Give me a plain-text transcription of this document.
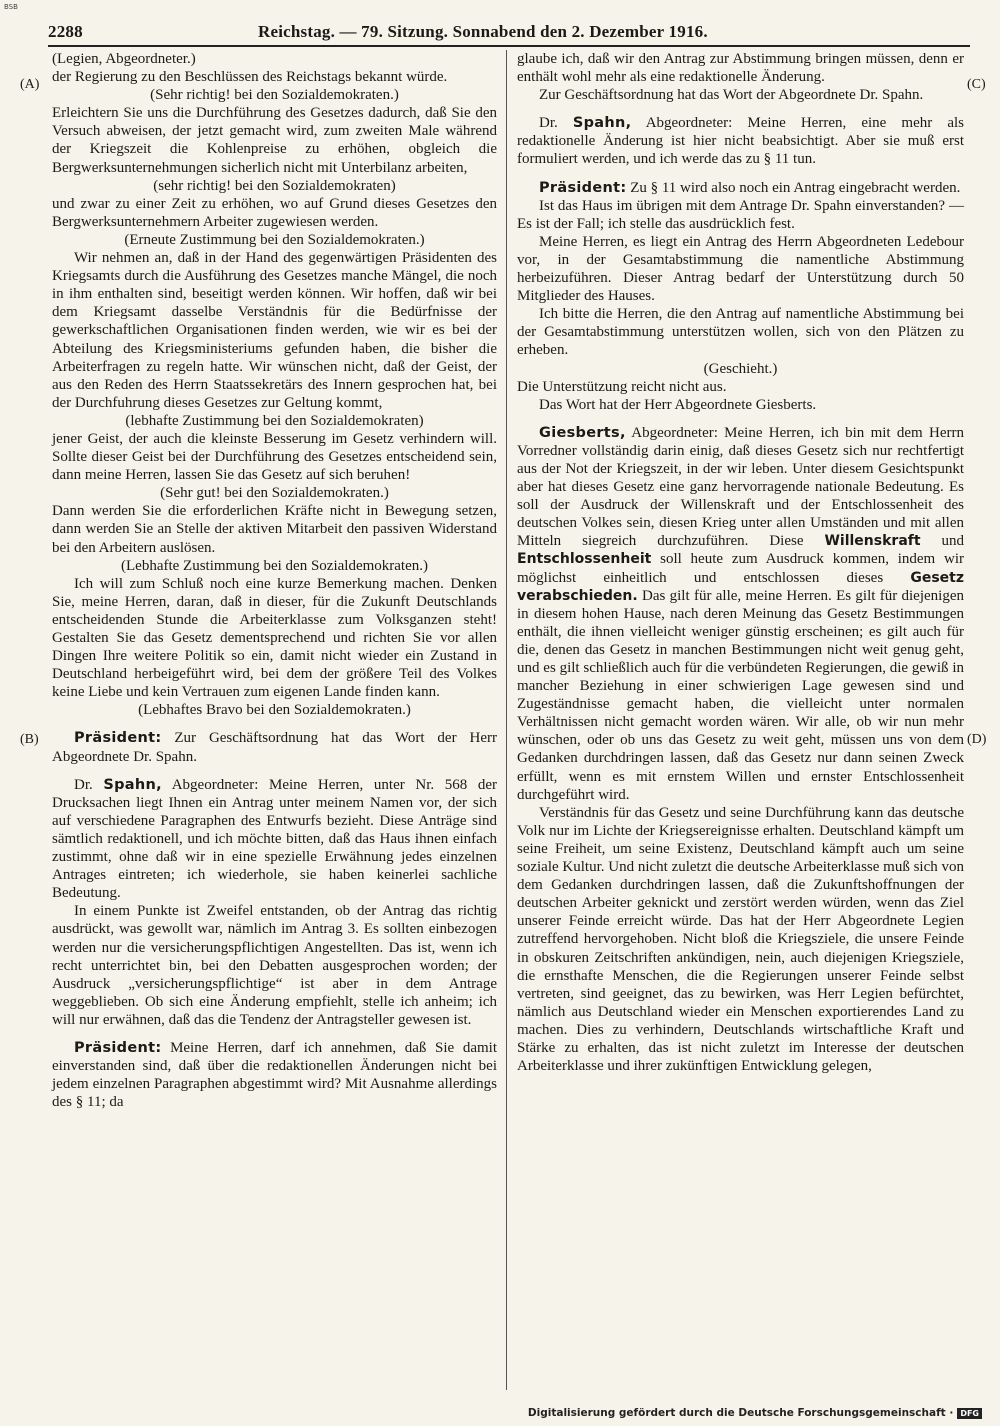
BSB
2288	Reichstag. — 79. Sitzung. Sonnabend den 2. Dezember 1916.
(A)
(B)
(C)
(D)

(Legien, Abgeordneter.)

der Regierung zu den Beschlüssen des Reichstags bekannt würde.

(Sehr richtig! bei den Sozialdemokraten.)

Erleichtern Sie uns die Durchführung des Gesetzes dadurch, daß Sie den Versuch abweisen, der jetzt gemacht wird, zum zweiten Male während der Kriegszeit die Kohlenpreise zu erhöhen, obgleich die Bergwerksunternehmungen sicherlich nicht mit Unterbilanz arbeiten,

(sehr richtig! bei den Sozialdemokraten)

und zwar zu einer Zeit zu erhöhen, wo auf Grund dieses Gesetzes den Bergwerksunternehmern Arbeiter zugewiesen werden.

(Erneute Zustimmung bei den Sozialdemokraten.)

Wir nehmen an, daß in der Hand des gegenwärtigen Präsidenten des Kriegsamts durch die Ausführung des Gesetzes manche Mängel, die noch in ihm enthalten sind, beseitigt werden können. Wir hoffen, daß wir bei dem Kriegsamt dasselbe Verständnis für die Bedürfnisse der gewerkschaftlichen Organisationen finden werden, wie wir es bei der Abteilung des Kriegsministeriums gefunden haben, die bisher die Arbeiterfragen zu regeln hatte. Wir wünschen nicht, daß der Geist, der aus den Reden des Herrn Staatssekretärs des Innern gesprochen hat, bei der Durchfuhrung dieses Gesetzes zur Geltung kommt,

(lebhafte Zustimmung bei den Sozialdemokraten)

jener Geist, der auch die kleinste Besserung im Gesetz verhindern will. Sollte dieser Geist bei der Durchführung des Gesetzes entscheidend sein, dann meine Herren, lassen Sie das Gesetz auf sich beruhen!

(Sehr gut! bei den Sozialdemokraten.)

Dann werden Sie die erforderlichen Kräfte nicht in Bewegung setzen, dann werden Sie an Stelle der aktiven Mitarbeit den passiven Widerstand bei den Arbeitern auslösen.

(Lebhafte Zustimmung bei den Sozialdemokraten.)

Ich will zum Schluß noch eine kurze Bemerkung machen. Denken Sie, meine Herren, daran, daß in dieser, für die Zukunft Deutschlands entscheidenden Stunde die Arbeiterklasse zum Volksganzen steht! Gestalten Sie das Gesetz dementsprechend und richten Sie vor allen Dingen Ihre weitere Politik so ein, damit nicht wieder ein Zustand in Deutschland herbeigeführt wird, bei dem der größere Teil des Volkes keine Liebe und kein Vertrauen zum eigenen Lande finden kann.

(Lebhaftes Bravo bei den Sozialdemokraten.)

Präsident: Zur Geschäftsordnung hat das Wort der Herr Abgeordnete Dr. Spahn.

Dr. Spahn, Abgeordneter: Meine Herren, unter Nr. 568 der Drucksachen liegt Ihnen ein Antrag unter meinem Namen vor, der sich auf verschiedene Paragraphen des Entwurfs bezieht. Diese Anträge sind sämtlich redaktionell, und ich möchte bitten, daß das Haus ihnen einfach zustimmt, ohne daß wir in eine spezielle Erwähnung jedes einzelnen Antrages eintreten; ich wiederhole, sie haben keinerlei sachliche Bedeutung.

In einem Punkte ist Zweifel entstanden, ob der Antrag das richtig ausdrückt, was gewollt war, nämlich im Antrag 3. Es sollten einbezogen werden nur die versicherungspflichtigen Angestellten. Das ist, wenn ich recht unterrichtet bin, bei den Debatten ausgesprochen worden; der Ausdruck „versicherungspflichtige“ ist aber in dem Antrage weggeblieben. Ob sich eine Änderung empfiehlt, stelle ich anheim; ich will nur erwähnen, daß das die Tendenz der Antragsteller gewesen ist.

Präsident: Meine Herren, darf ich annehmen, daß Sie damit einverstanden sind, daß über die redaktionellen Änderungen nicht bei jedem einzelnen Paragraphen abgestimmt wird? Mit Ausnahme allerdings des § 11; da

glaube ich, daß wir den Antrag zur Abstimmung bringen müssen, denn er enthält wohl mehr als eine redaktionelle Änderung.

Zur Geschäftsordnung hat das Wort der Abgeordnete Dr. Spahn.

Dr. Spahn, Abgeordneter: Meine Herren, eine mehr als redaktionelle Änderung ist hier nicht beabsichtigt. Aber sie muß erst formuliert werden, und ich werde das zu § 11 tun.

Präsident: Zu § 11 wird also noch ein Antrag eingebracht werden.

Ist das Haus im übrigen mit dem Antrage Dr. Spahn einverstanden? — Es ist der Fall; ich stelle das ausdrücklich fest.

Meine Herren, es liegt ein Antrag des Herrn Abgeordneten Ledebour vor, in der Gesamtabstimmung die namentliche Abstimmung herbeizuführen. Dieser Antrag bedarf der Unterstützung durch 50 Mitglieder des Hauses.

Ich bitte die Herren, die den Antrag auf namentliche Abstimmung bei der Gesamtabstimmung unterstützen wollen, sich von den Plätzen zu erheben.

(Geschieht.)

Die Unterstützung reicht nicht aus.

Das Wort hat der Herr Abgeordnete Giesberts.

Giesberts, Abgeordneter: Meine Herren, ich bin mit dem Herrn Vorredner vollständig darin einig, daß dieses Gesetz sich nur rechtfertigt aus der Not der Kriegszeit, in der wir leben. Unter diesem Gesichtspunkt aber hat dieses Gesetz eine ganz hervorragende nationale Bedeutung. Es soll der Ausdruck der Willenskraft und der Entschlossenheit des deutschen Volkes sein, diesen Krieg unter allen Umständen und mit allen Mitteln siegreich durchzuführen. Diese Willenskraft und Entschlossenheit soll heute zum Ausdruck kommen, indem wir möglichst einheitlich und entschlossen dieses Gesetz verabschieden. Das gilt für alle, meine Herren. Es gilt für diejenigen in diesem hohen Hause, nach deren Meinung das Gesetz Bestimmungen enthält, die ihnen vielleicht weniger günstig erscheinen; es gilt auch für die, denen das Gesetz in manchen Bestimmungen nicht weit genug geht, und es gilt schließlich auch für die verbündeten Regierungen, die gewiß in mancher Beziehung in einer schwierigen Lage gewesen sind und Zugeständnisse gemacht haben, die vielleicht unter normalen Verhältnissen nicht gemacht worden wären. Wir alle, ob wir nun mehr wünschen, oder ob uns das Gesetz zu weit geht, müssen uns von dem Gedanken durchdringen lassen, daß das Gesetz nur dann seinen Zweck erfüllt, wenn es mit ernstem Willen und ernster Entschlossenheit durchgeführt wird.

Verständnis für das Gesetz und seine Durchführung kann das deutsche Volk nur im Lichte der Kriegsereignisse erhalten. Deutschland kämpft um seine Freiheit, um seine Existenz, Deutschland kämpft auch um seine soziale Kultur. Und nicht zuletzt die deutsche Arbeiterklasse muß sich von dem Gedanken durchdringen lassen, daß die Zukunftshoffnungen der deutschen Arbeiter geknickt und zerstört werden würden, wenn das Ziel unserer Feinde erreicht würde. Das hat der Herr Abgeordnete Legien zutreffend hervorgehoben. Nicht bloß die Kriegsziele, die unsere Feinde in obskuren Zeitschriften ankündigen, nein, auch diejenigen Kriegsziele, die ernsthafte Menschen, die die Regierungen unserer Feinde selbst vertreten, sind geeignet, das zu bewirken, was Herr Legien befürchtet, nämlich aus Deutschland wieder ein Menschen exportierendes Land zu machen. Dies zu verhindern, Deutschlands wirtschaftliche Kraft und Stärke zu erhalten, das ist nicht zuletzt im Interesse der deutschen Arbeiterklasse und ihrer zukünftigen Entwicklung gelegen,

Digitalisierung gefördert durch die Deutsche Forschungsgemeinschaft · DFG
